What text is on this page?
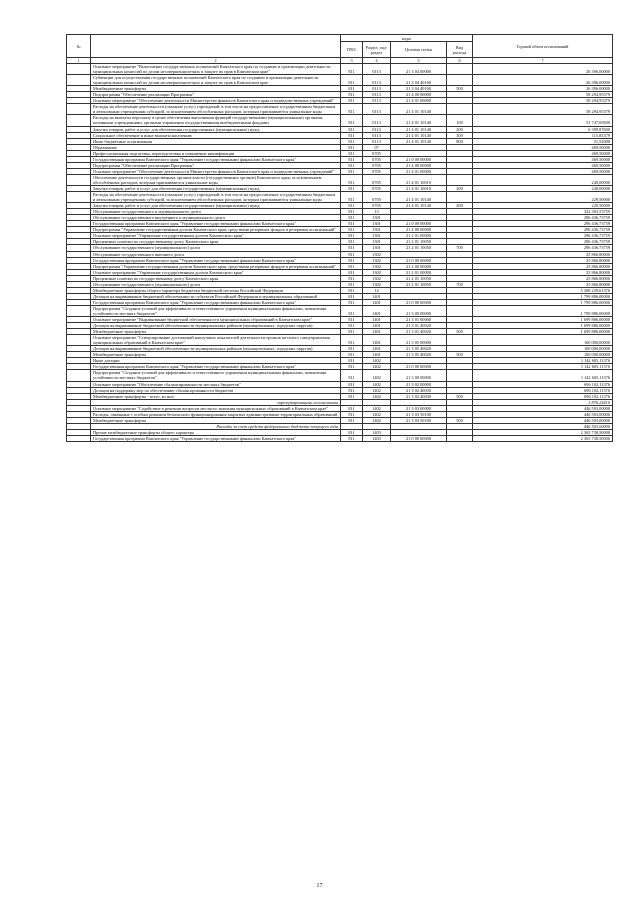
№		коды				Годовой объем ассигнований
		ГРБС	Раздел, под-раздел	Целевая статья	Вид расхода	
1	2	3	4	5	6	7
	Основное мероприятие "Выполнение государственных полномочий Камчатского края по созданию и организации деятельности муниципальных комиссий по делам несовершеннолетних и защите их прав в Камчатском крае"	811	0113	21 3 04 00000		26 396,00000
	Субвенции для осуществления государственных полномочий Камчатского края по созданию и организации деятельности муниципальных комиссий по делам несовершеннолетних и защите их прав в Камчатском крае	811	0113	21 3 04 40160		26 396,00000
	Межбюджетные трансферты	811	0113	21 3 04 40160	500	26 396,00000
	Подпрограмма "Обеспечение реализации Программы"	811	0113	21 4 00 00000		58 294,95379
	Основное мероприятие "Обеспечение деятельности Министерства финансов Камчатского края и подведомственных учреждений"	811	0113	21 4 01 00000		58 294,95379
	Расходы на обеспечение деятельности (оказание услуг) учреждений, в том числе на предоставление государственным бюджетным и автономным учреждениям субсидий, за исключением обособленных расходов, которым присваиваются уникальные коды	811	0113	21 4 01 10140		58 294,95379
	Расходы на выплаты персоналу в целях обеспечения выполнения функций государственными (муниципальными) органами, казенными учреждениями, органами управления государственными внебюджетными фондами	811	0113	21 4 01 10140	100	51 747,69500
	Закупка товаров, работ и услуг для обеспечения государственных (муниципальных) нужд	811	0113	21 4 01 10140	200	6 399,87600
	Социальное обеспечение и иные выплаты населению	811	0113	21 4 01 10140	300	115,83379
	Иные бюджетные ассигнования	811	0113	21 4 01 10140	800	31,52000
	Образование	811	07			469,50000
	Профессиональная подготовка, переподготовка и повышение квалификации	811	0705			469,50000
	Государственная программа Камчатского края "Управление государственными финансами Камчатского края"	811	0705	21 0 00 00000		469,50000
	Подпрограмма "Обеспечение реализации Программы"	811	0705	21 4 00 00000		469,50000
	Основное мероприятие "Обеспечение деятельности Министерства финансов Камчатского края и подведомственных учреждений"	811	0705	21 4 01 00000		469,50000
	Обеспечение деятельности государственных органов власти (государственных органов) Камчатского края, за исключением обособленных расходов, которым присваиваются уникальные коды	811	0705	21 4 01 10010		240,00000
	Закупка товаров, работ и услуг для обеспечения государственных (муниципальных) нужд	811	0705	21 4 01 10010	200	240,00000
	Расходы на обеспечение деятельности (оказание услуг) учреждений, в том числе на предоставление государственным бюджетным и автономным учреждениям субсидий, за исключением обособленных расходов, которым присваиваются уникальные коды	811	0705	21 4 01 10140		229,50000
	Закупка товаров, работ и услуг для обеспечения государственных (муниципальных) нужд	811	0705	21 4 01 10140	200	229,50000
	Обслуживание государственного и муниципального долга	811	13			322 303,53759
	Обслуживание государственного внутреннего и муниципального долга	811	1301			296 436,73759
	Государственная программа Камчатского края "Управление государственными финансами Камчатского края"	811	1301	21 0 00 00000		296 436,73759
	Подпрограмма "Управление государственным долгом Камчатского края, средствами резервных фондов и резервами ассигнований"	811	1301	21 2 00 00000		296 436,73759
	Основное мероприятие "Управление государственным долгом Камчатского края"	811	1301	21 2 01 00000		296 436,73759
	Процентные платежи по государственному долгу Камчатского края	811	1301	21 2 01 10050		296 436,73759
	Обслуживание государственного (муниципального) долга	811	1301	21 2 01 10050	700	296 436,73759
	Обслуживание государственного внешнего долга	811	1302			25 866,80000
	Государственная программа Камчатского края "Управление государственными финансами Камчатского края"	811	1302	21 0 00 00000		25 866,80000
	Подпрограмма "Управление государственным долгом Камчатского края, средствами резервных фондов и резервами ассигнований"	811	1302	21 2 00 00000		25 866,80000
	Основное мероприятие "Управление государственным долгом Камчатского края"	811	1302	21 2 01 00000		25 866,80000
	Процентные платежи по государственному долгу Камчатского края	811	1302	21 2 01 10050		25 866,80000
	Обслуживание государственного (муниципального) долга	811	1302	21 2 01 10050	700	25 866,80000
	Межбюджетные трансферты общего характера бюджетам бюджетной системы Российской Федерации	811	14			5 308 229,61376
	Дотации на выравнивание бюджетной обеспеченности субъектов Российской Федерации и муниципальных образований	811	1401			1 799 886,00000
	Государственная программа Камчатского края "Управление государственными финансами Камчатского края"	811	1401	21 0 00 00000		1 799 886,00000
	Подпрограмма "Создание условий для эффективного и ответственного управления муниципальными финансами, повышения устойчивости местных бюджетов"	811	1401	21 3 00 00000		1 799 886,00000
	Основное мероприятие "Выравнивание бюджетной обеспеченности муниципальных образований в Камчатском крае"	811	1401	21 3 01 00000		1 699 886,00000
	Дотации на выравнивание бюджетной обеспеченности муниципальных районов (муниципальных, городских округов)	811	1401	21 3 01 40020		1 699 886,00000
	Межбюджетные трансферты	811	1401	21 3 01 40020	500	1 699 886,00000
	Основное мероприятие "Стимулирование достижений наилучших показателей деятельности органов местного самоуправления муниципальных образований в Камчатском крае"	811	1401	21 3 05 00000		100 000,00000
	Дотации на выравнивание бюджетной обеспеченности муниципальных районов (муниципальных, городских округов)	811	1401	21 3 05 40020		100 000,00000
	Межбюджетные трансферты	811	1401	21 3 05 40020	500	100 000,00000
	Иные дотации	811	1402			1 142 605,11376
	Государственная программа Камчатского края "Управление государственными финансами Камчатского края"	811	1402	21 0 00 00000		1 142 605,11376
	Подпрограмма "Создание условий для эффективного и ответственного управления муниципальными финансами, повышения устойчивости местных бюджетов"	811	1402	21 3 00 00000		1 142 605,11376
	Основное мероприятие "Обеспечение сбалансированности местных бюджетов"	811	1402	21 3 02 00000		696 102,11376
	Дотации на поддержку мер по обеспечению сбалансированности бюджетов	811	1402	21 3 02 40030		696 102,11376
	Межбюджетные трансферты - всего, из них:	811	1402	21 3 02 40030	500	696 102,11376
	зарезервированные ассигнования					3 876,24410
	Основное мероприятие "Содействие в решении вопросов местного значения муниципальных образований в Камчатском крае"	811	1402	21 3 03 00000		446 503,00000
	Расходы, связанные с особым режимом безопасного функционирования закрытых административно-территориальных образований	811	1402	21 3 03 50100		446 503,00000
	Межбюджетные трансферты	811	1402	21 3 03 50100	500	446 503,00000
	Расходы за счет средств федерального бюджета текущего года					446 503,00000
	Прочие межбюджетные трансферты общего характера	811	1403			2 365 738,50000
	Государственная программа Камчатского края "Управление государственными финансами Камчатского края"	811	1403	21 0 00 00000		2 365 738,50000
17
